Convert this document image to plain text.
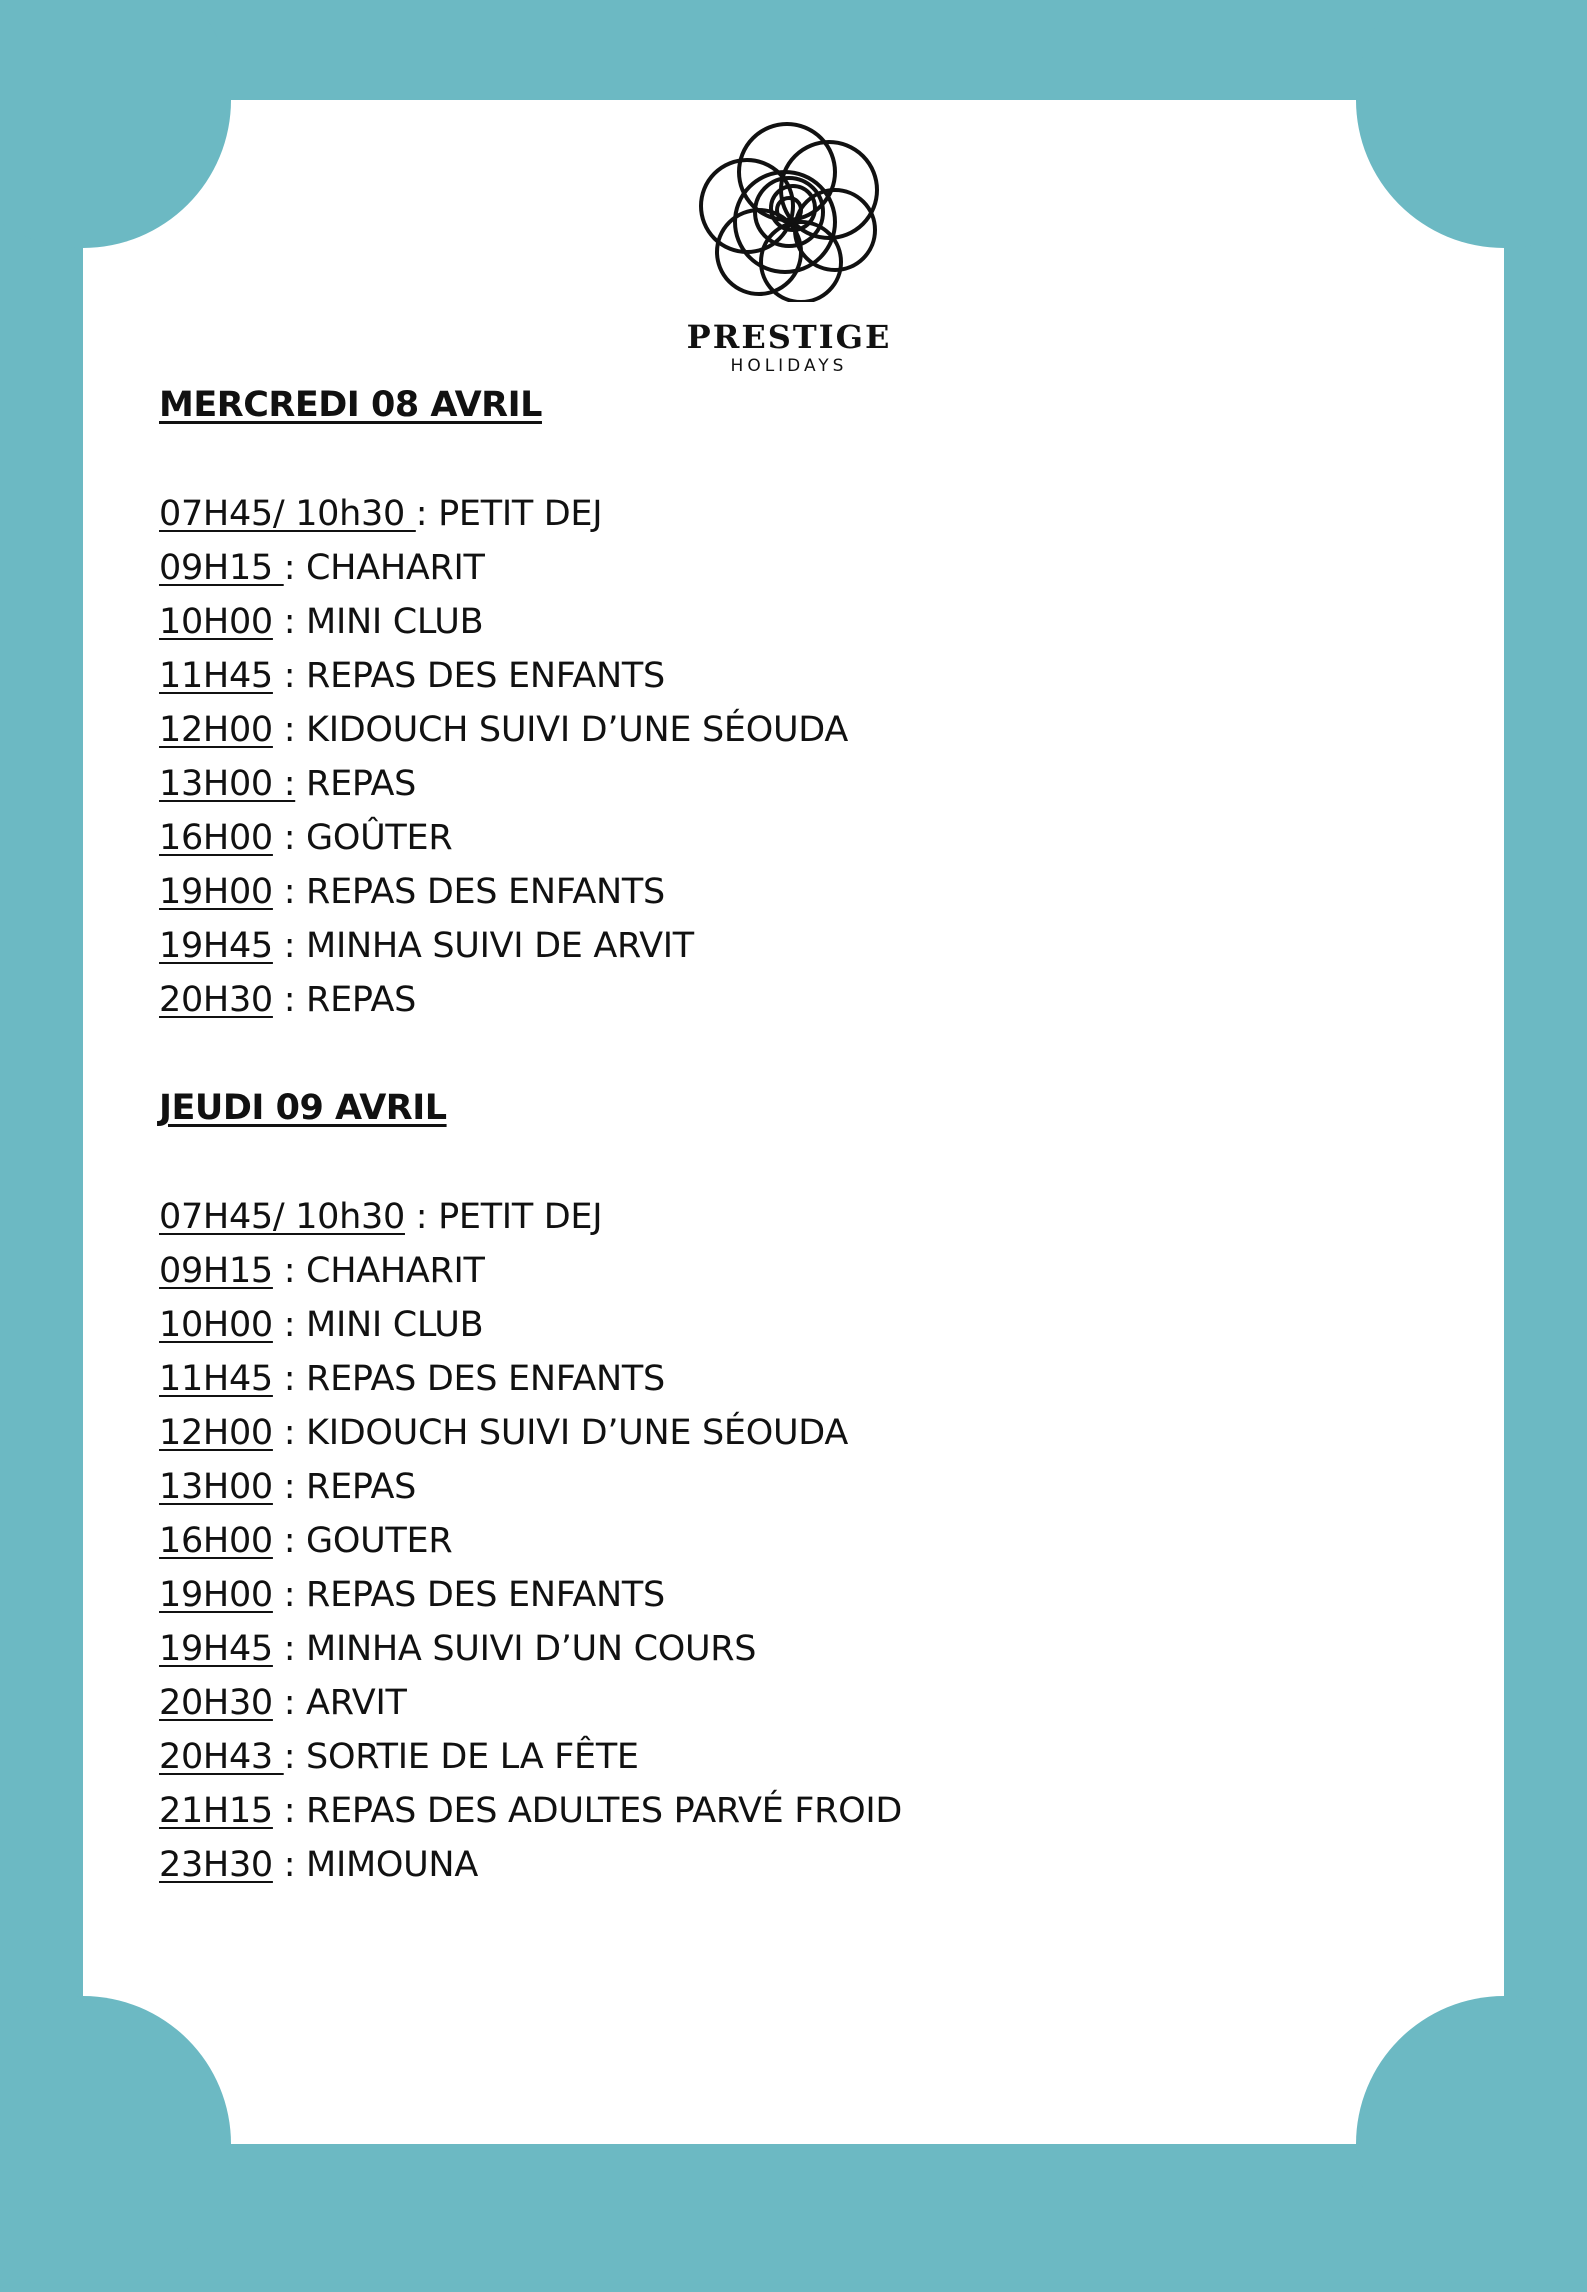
PRESTIGE
HOLIDAYS
MERCREDI 08 AVRIL
07H45/ 10h30 : PETIT DEJ
09H15 : CHAHARIT
10H00 : MINI CLUB
11H45 : REPAS DES ENFANTS
12H00 : KIDOUCH SUIVI D’UNE SÉOUDA
13H00 : REPAS
16H00 : GOÛTER
19H00 : REPAS DES ENFANTS
19H45 : MINHA SUIVI DE ARVIT
20H30 : REPAS
JEUDI 09 AVRIL
07H45/ 10h30 : PETIT DEJ
09H15 : CHAHARIT
10H00 : MINI CLUB
11H45 : REPAS DES ENFANTS
12H00 : KIDOUCH SUIVI D’UNE SÉOUDA
13H00 : REPAS
16H00 : GOUTER
19H00 : REPAS DES ENFANTS
19H45 : MINHA SUIVI D’UN COURS
20H30 : ARVIT
20H43 : SORTIE DE LA FÊTE
21H15 : REPAS DES ADULTES PARVÉ FROID
23H30 : MIMOUNA
